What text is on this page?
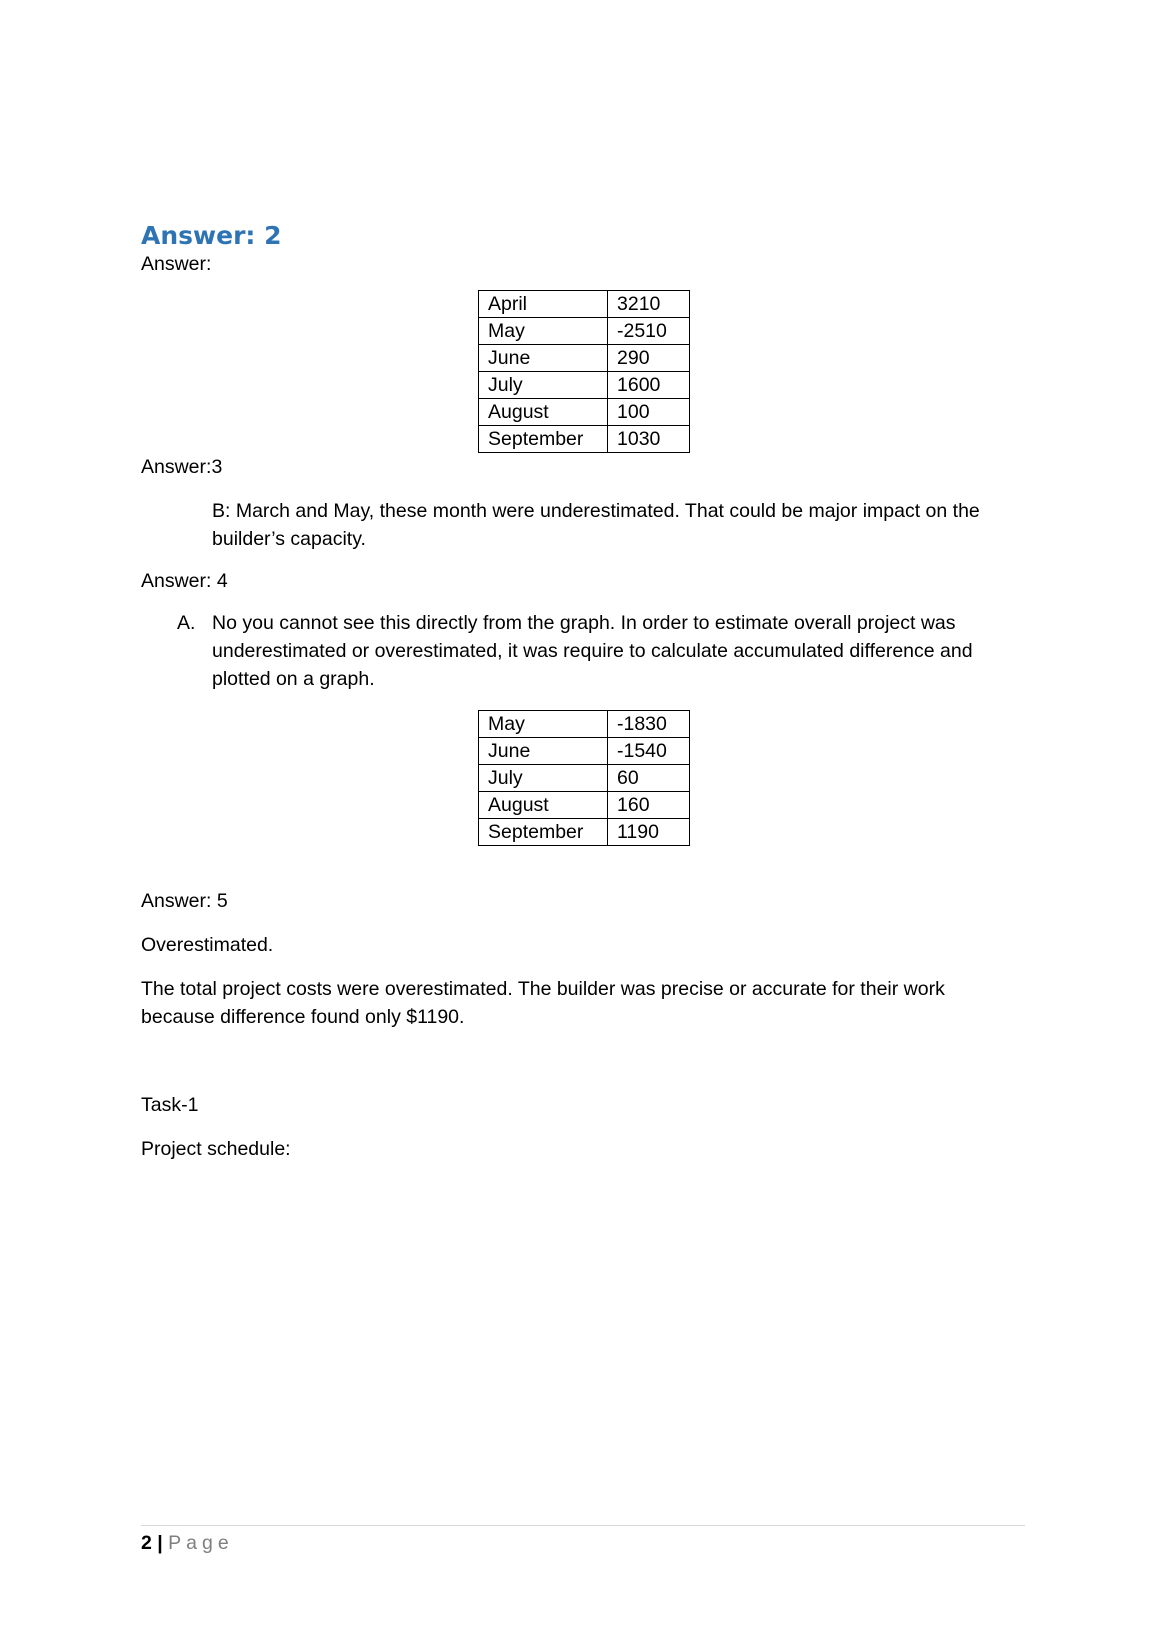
Answer: 2

Answer:

April	3210
May	-2510
June	290
July	1600
August	100
September	1030

Answer:3

B: March and May, these month were underestimated. That could be major impact on the builder’s capacity.

Answer: 4

A. No you cannot see this directly from the graph. In order to estimate overall project was underestimated or overestimated, it was require to calculate accumulated difference and plotted on a graph.
May	-1830
June	-1540
July	60
August	160
September	1190

Answer: 5

Overestimated.

The total project costs were overestimated. The builder was precise or accurate for their work because difference found only $1190.

Task-1

Project schedule:

2 | Page
